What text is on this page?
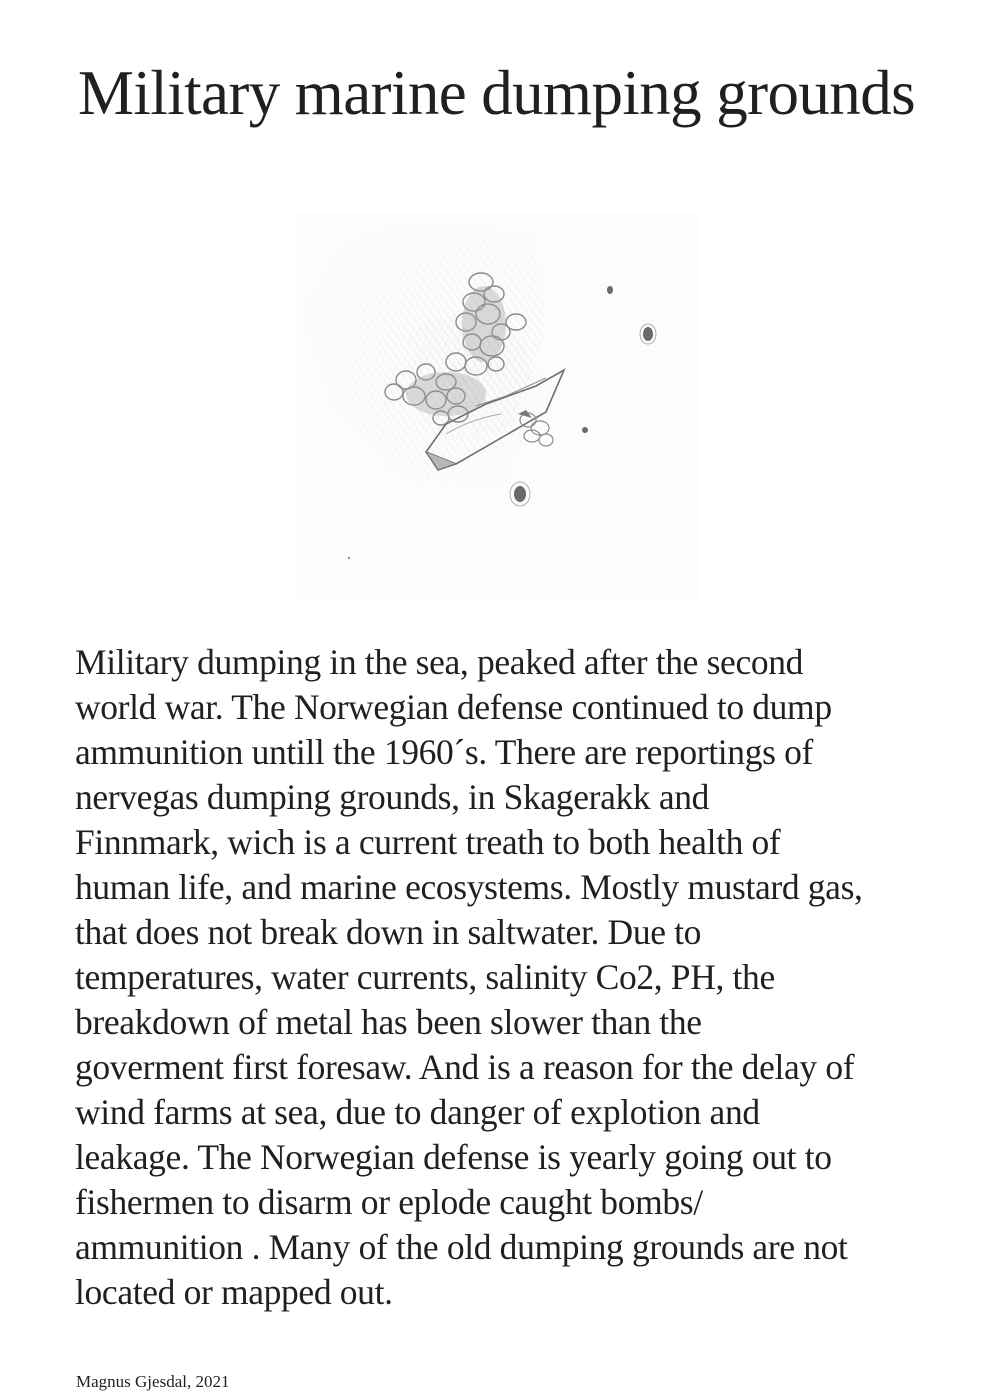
Military marine dumping grounds
Military dumping in the sea, peaked after the second
world war. The Norwegian defense continued to dump
ammunition untill the 1960´s. There are reportings of
nervegas dumping grounds, in Skagerakk and
Finnmark, wich is a current treath to both health of
human life, and marine ecosystems. Mostly mustard gas,
that does not break down in saltwater. Due to
temperatures, water currents, salinity Co2, PH, the
breakdown of metal has been slower than the
goverment first foresaw. And is a reason for the delay of
wind farms at sea, due to danger of explotion and
leakage. The Norwegian defense is yearly going out to
fishermen to disarm or eplode caught bombs/
ammunition . Many of the old dumping grounds are not
located or mapped out.

Magnus Gjesdal, 2021
